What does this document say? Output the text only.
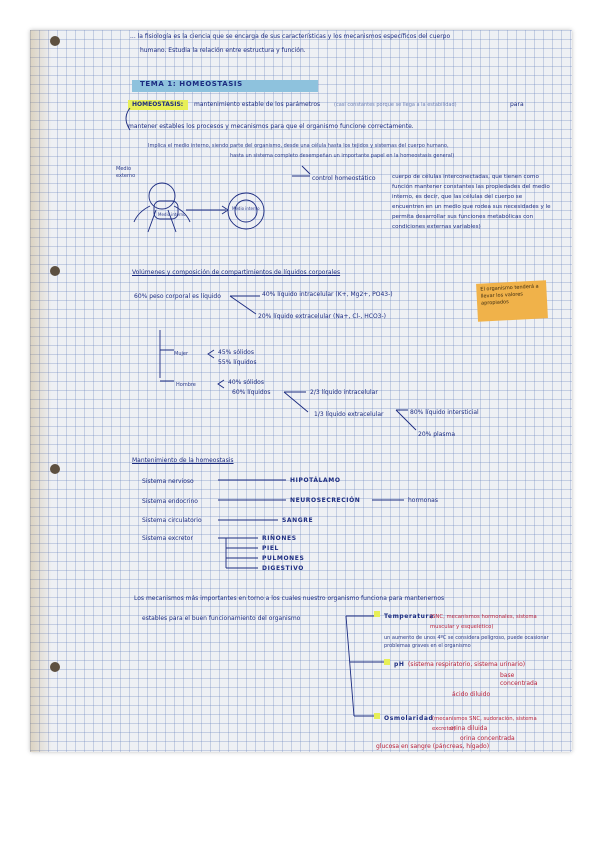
... la fisiología es la ciencia que se encarga de sus características y los mecanismos específicos del cuerpo
humano. Estudia la relación entre estructura y función.
TEMA 1: HOMEOSTASIS
HOMEOSTASIS: mantenimiento estable de los parámetros	(casi constantes porque se llega a la estabilidad)	para
mantener estables los procesos y mecanismos para que el organismo funcione correctamente.
Implica el medio interno, siendo parte del organismo, desde una célula hasta los tejidos y sistemas del cuerpo humano,
hasta un sistema completo desempeñan un importante papel en la homeostasis general)
Medio externo
Medio interno
Medio interno
control homeostático	cuerpo de células interconectadas, que tienen como función mantener constantes las propiedades del medio interno, es decir, que las células del cuerpo se encuentren en un medio que rodea sus necesidades y le permita desarrollar sus funciones metabólicas con condiciones externas variables)
Volúmenes y composición de compartimientos de líquidos corporales
60% peso corporal es líquido	40% líquido intracelular (K+, Mg2+, PO43-)
20% líquido extracelular (Na+, Cl-, HCO3-)
Mujer	45% sólidos
55% líquidos
Hombre	40% sólidos
60% líquidos	2/3 líquido intracelular
1/3 líquido extracelular	80% líquido intersticial
20% plasma
Mantenimiento de la homeostasis
Sistema nervioso
Sistema endocrino
Sistema circulatorio
Sistema excretor
HIPOTÁLAMO
NEUROSECRECIÓN	hormonas
SANGRE
RIÑONES
PIEL
PULMONES
DIGESTIVO
Los mecanismos más importantes en torno a los cuales nuestro organismo funciona para mantenernos
estables para el buen funcionamiento del organismo	Temperatura
(SNC, mecanismos hormonales, sistema muscular y esquelético)
un aumento de unos 4ºC se considera peligroso, puede ocasionar problemas graves en el organismo
pH (sistema respiratorio, sistema urinario)
ácido diluido
base concentrada
Osmolaridad
(mecanismos SNC, sudoración, sistema excretor)
orina diluida
orina concentrada
glucosa en sangre (páncreas, hígado)
El organismo tenderá a llevar los valores apropiados
